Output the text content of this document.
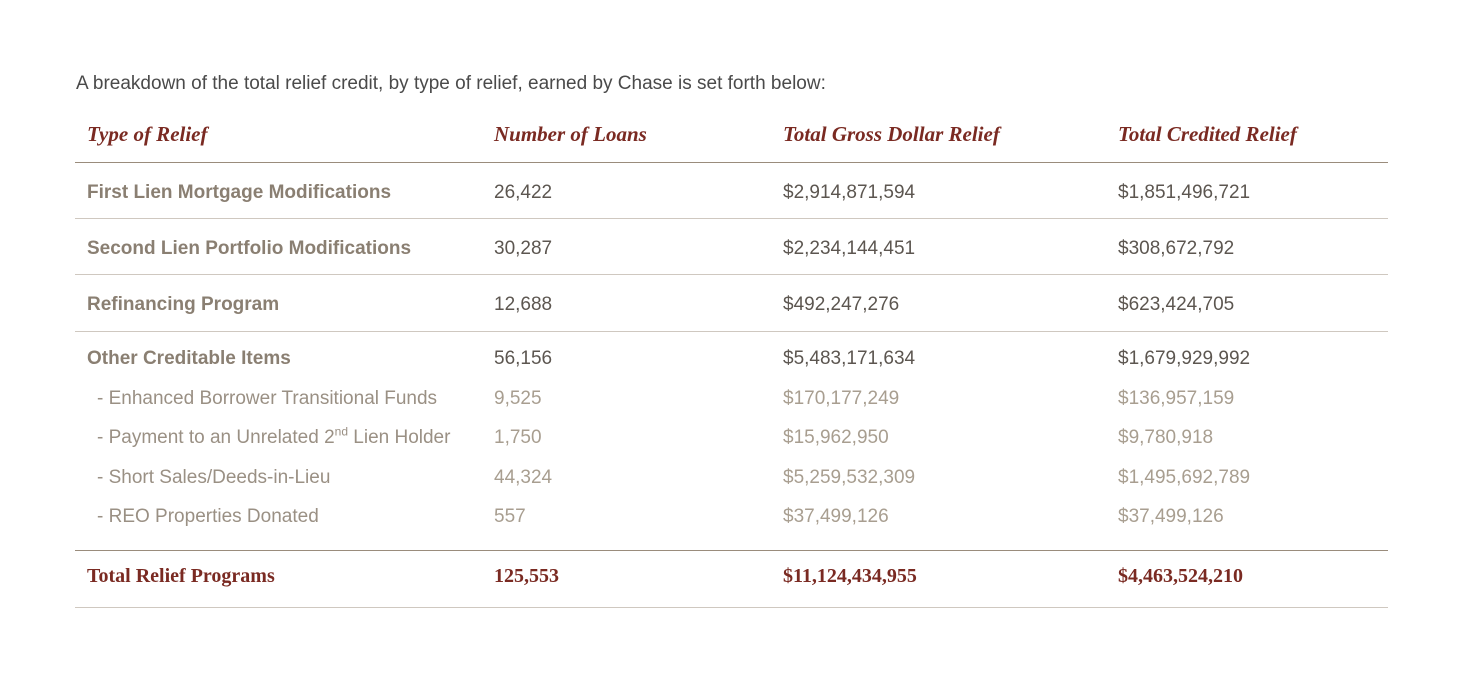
A breakdown of the total relief credit, by type of relief, earned by Chase is set forth below:
Type of Relief	Number of Loans	Total Gross Dollar Relief	Total Credited Relief
First Lien Mortgage Modifications	26,422	$2,914,871,594	$1,851,496,721
Second Lien Portfolio Modifications	30,287	$2,234,144,451	$308,672,792
Refinancing Program	12,688	$492,247,276	$623,424,705
Other Creditable Items	56,156	$5,483,171,634	$1,679,929,992
- Enhanced Borrower Transitional Funds	9,525	$170,177,249	$136,957,159
- Payment to an Unrelated 2nd Lien Holder 1,750	$15,962,950	$9,780,918
- Short Sales/Deeds-in-Lieu	44,324	$5,259,532,309	$1,495,692,789
- REO Properties Donated	557	$37,499,126	$37,499,126
Total Relief Programs	125,553	$11,124,434,955	$4,463,524,210
